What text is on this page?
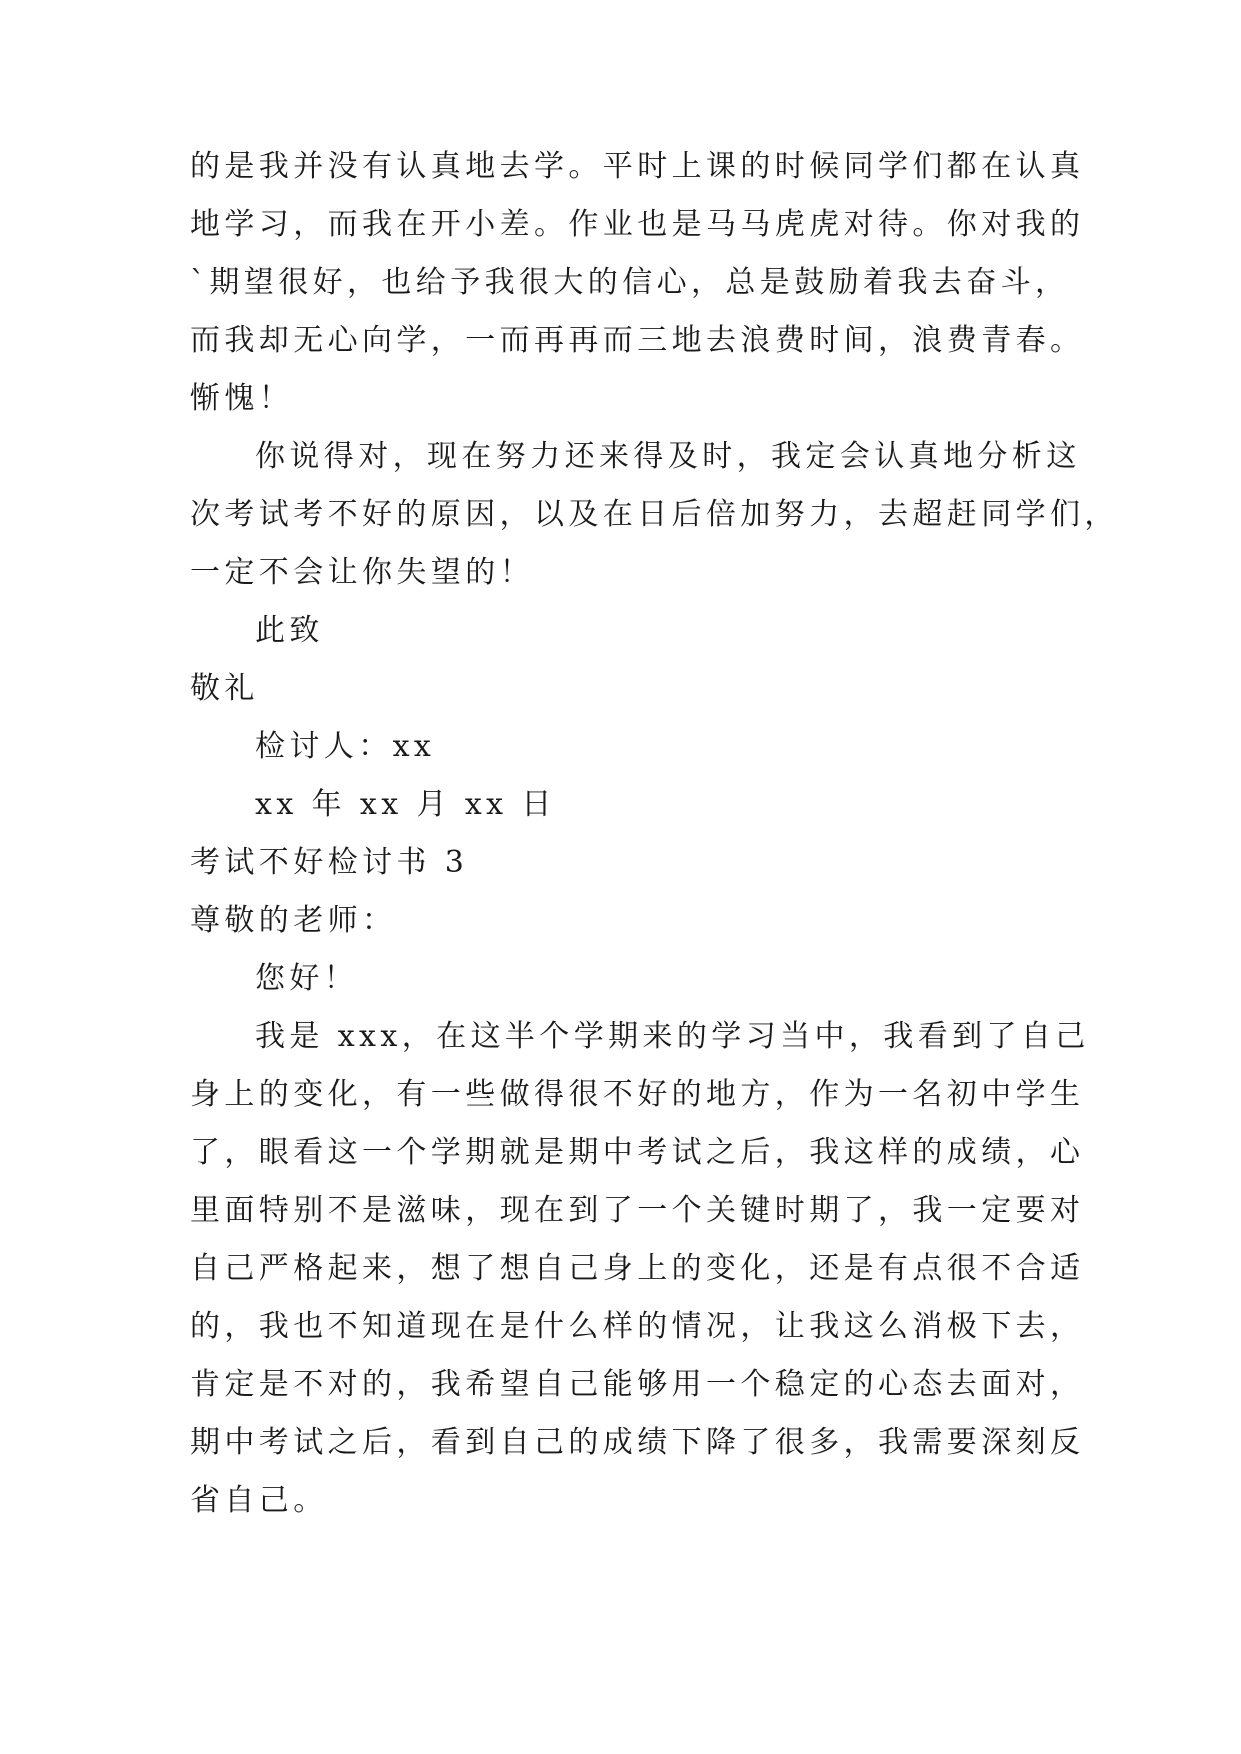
的是我并没有认真地去学。平时上课的时候同学们都在认真
地学习，而我在开小差。作业也是马马虎虎对待。你对我的
`期望很好，也给予我很大的信心，总是鼓励着我去奋斗，
而我却无心向学，一而再再而三地去浪费时间，浪费青春。
惭愧！
你说得对，现在努力还来得及时，我定会认真地分析这
次考试考不好的原因，以及在日后倍加努力，去超赶同学们，
一定不会让你失望的！
此致
敬礼
检讨人：xx
xx 年 xx 月 xx 日
考试不好检讨书 3
尊敬的老师：
您好！
我是 xxx，在这半个学期来的学习当中，我看到了自己
身上的变化，有一些做得很不好的地方，作为一名初中学生
了，眼看这一个学期就是期中考试之后，我这样的成绩，心
里面特别不是滋味，现在到了一个关键时期了，我一定要对
自己严格起来，想了想自己身上的变化，还是有点很不合适
的，我也不知道现在是什么样的情况，让我这么消极下去，
肯定是不对的，我希望自己能够用一个稳定的心态去面对，
期中考试之后，看到自己的成绩下降了很多，我需要深刻反
省自己。
